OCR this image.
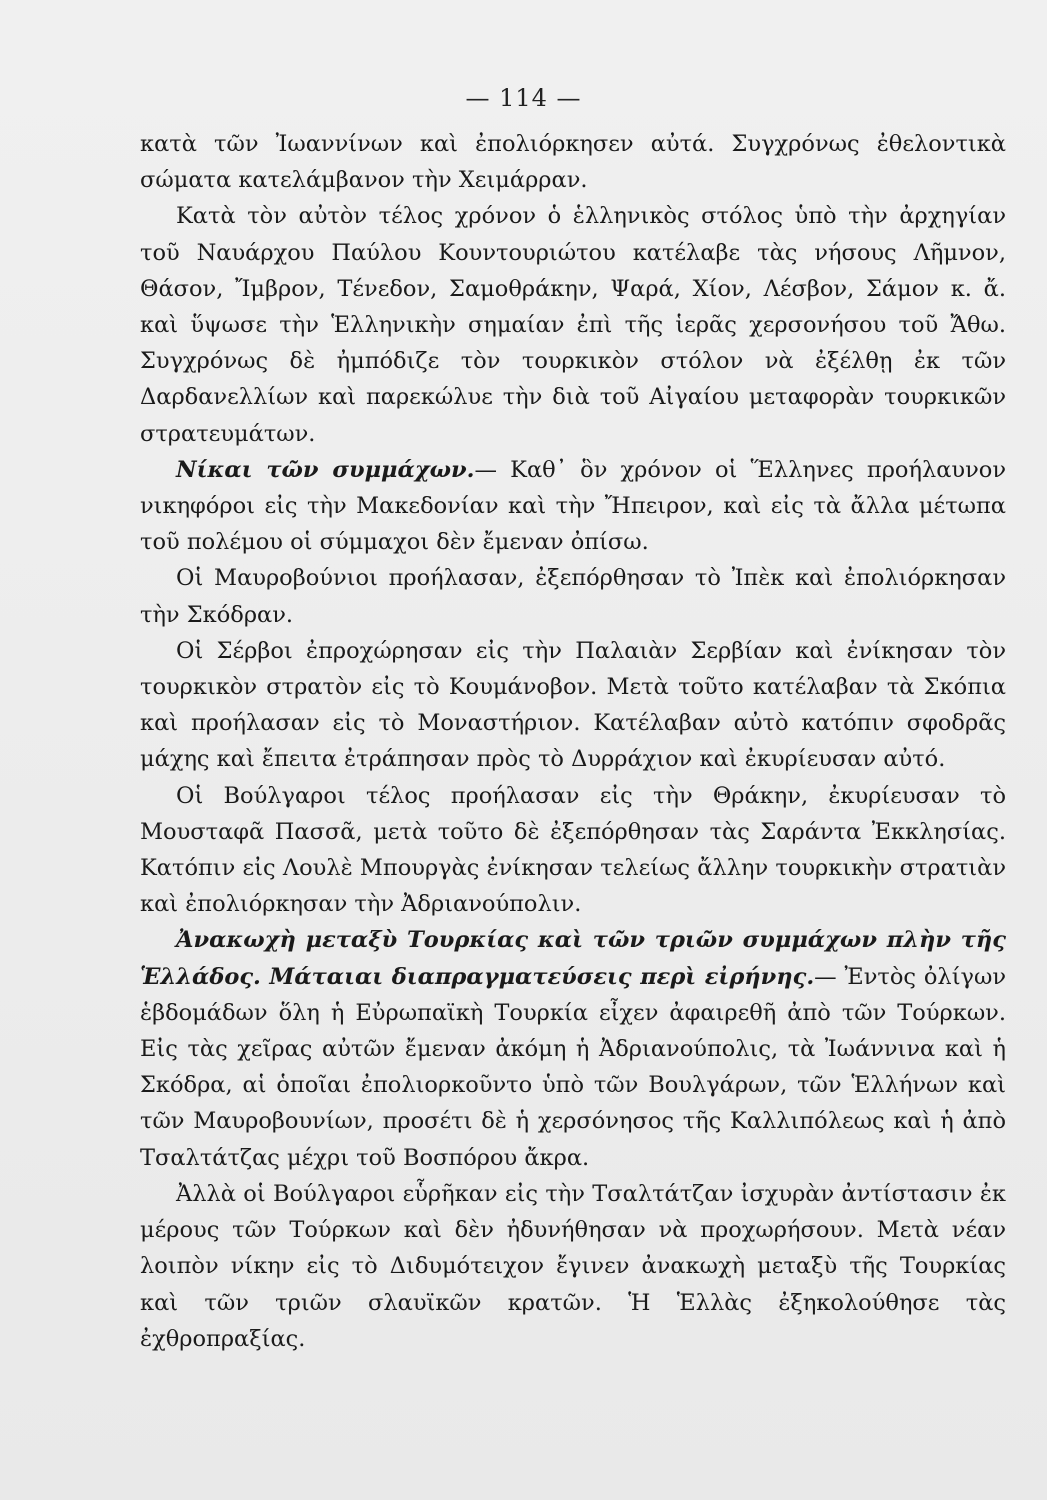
— 114 —

κατὰ τῶν Ἰωαννίνων καὶ ἐπολιόρκησεν αὐτά. Συγχρόνως ἐθελοντικὰ σώματα κατελάμβανον τὴν Χειμάρραν.

Κατὰ τὸν αὐτὸν τέλος χρόνον ὁ ἑλληνικὸς στόλος ὑπὸ τὴν ἀρχηγίαν τοῦ Ναυάρχου Παύλου Κουντουριώτου κατέλαβε τὰς νήσους Λῆμνον, Θάσον, Ἴμβρον, Τένεδον, Σαμοθράκην, Ψαρά, Χίον, Λέσβον, Σάμον κ. ἄ. καὶ ὕψωσε τὴν Ἑλληνικὴν σημαίαν ἐπὶ τῆς ἱερᾶς χερσονήσου τοῦ Ἄθω. Συγχρόνως δὲ ἠμπόδιζε τὸν τουρκικὸν στόλον νὰ ἐξέλθῃ ἐκ τῶν Δαρδανελλίων καὶ παρεκώλυε τὴν διὰ τοῦ Αἰγαίου μεταφορὰν τουρκικῶν στρατευμάτων.

Νίκαι τῶν συμμάχων.— Καθ᾽ ὃν χρόνον οἱ Ἕλληνες προήλαυνον νικηφόροι εἰς τὴν Μακεδονίαν καὶ τὴν Ἤπειρον, καὶ εἰς τὰ ἄλλα μέτωπα τοῦ πολέμου οἱ σύμμαχοι δὲν ἔμεναν ὀπίσω.

Οἱ Μαυροβούνιοι προήλασαν, ἐξεπόρθησαν τὸ Ἰπὲκ καὶ ἐπολιόρκησαν τὴν Σκόδραν.

Οἱ Σέρβοι ἐπροχώρησαν εἰς τὴν Παλαιὰν Σερβίαν καὶ ἐνίκησαν τὸν τουρκικὸν στρατὸν εἰς τὸ Κουμάνοβον. Μετὰ τοῦτο κατέλαβαν τὰ Σκόπια καὶ προήλασαν εἰς τὸ Μοναστήριον. Κατέλαβαν αὐτὸ κατόπιν σφοδρᾶς μάχης καὶ ἔπειτα ἐτράπησαν πρὸς τὸ Δυρράχιον καὶ ἐκυρίευσαν αὐτό.

Οἱ Βούλγαροι τέλος προήλασαν εἰς τὴν Θράκην, ἐκυρίευσαν τὸ Μουσταφᾶ Πασσᾶ, μετὰ τοῦτο δὲ ἐξεπόρθησαν τὰς Σαράντα Ἐκκλησίας. Κατόπιν εἰς Λουλὲ Μπουργὰς ἐνίκησαν τελείως ἄλλην τουρκικὴν στρατιὰν καὶ ἐπολιόρκησαν τὴν Ἀδριανούπολιν.

Ἀνακωχὴ μεταξὺ Τουρκίας καὶ τῶν τριῶν συμμάχων πλὴν τῆς Ἑλλάδος. Μάταιαι διαπραγματεύσεις περὶ εἰρήνης.— Ἐντὸς ὀλίγων ἑβδομάδων ὅλη ἡ Εὐρωπαϊκὴ Τουρκία εἶχεν ἀφαιρεθῆ ἀπὸ τῶν Τούρκων. Εἰς τὰς χεῖρας αὐτῶν ἔμεναν ἀκόμη ἡ Ἀδριανούπολις, τὰ Ἰωάννινα καὶ ἡ Σκόδρα, αἱ ὁποῖαι ἐπολιορκοῦντο ὑπὸ τῶν Βουλγάρων, τῶν Ἑλλήνων καὶ τῶν Μαυροβουνίων, προσέτι δὲ ἡ χερσόνησος τῆς Καλλιπόλεως καὶ ἡ ἀπὸ Τσαλτάτζας μέχρι τοῦ Βοσπόρου ἄκρα.

Ἀλλὰ οἱ Βούλγαροι εὗρῆκαν εἰς τὴν Τσαλτάτζαν ἰσχυρὰν ἀντίστασιν ἐκ μέρους τῶν Τούρκων καὶ δὲν ἠδυνήθησαν νὰ προχωρήσουν. Μετὰ νέαν λοιπὸν νίκην εἰς τὸ Διδυμότειχον ἔγινεν ἀνακωχὴ μεταξὺ τῆς Τουρκίας καὶ τῶν τριῶν σλαυϊκῶν κρατῶν. Ἡ Ἑλλὰς ἐξηκολούθησε τὰς ἐχθροπραξίας.
